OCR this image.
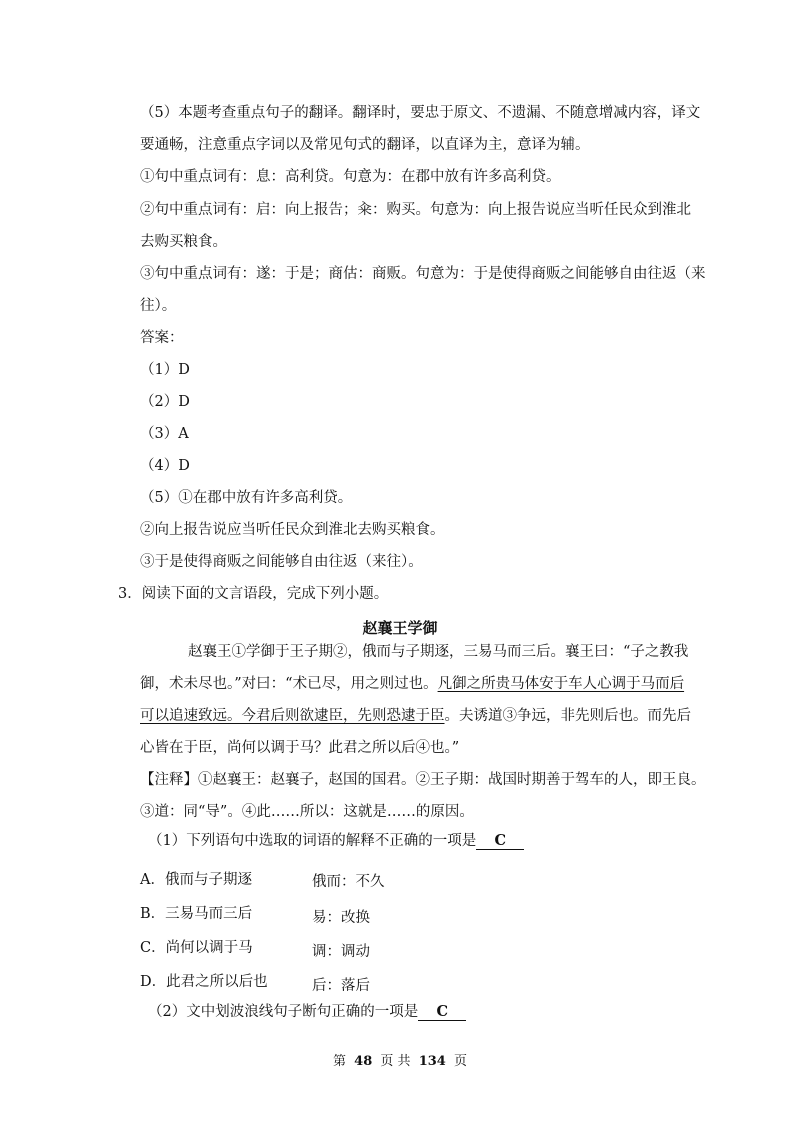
（5）本题考查重点句子的翻译。翻译时，要忠于原文、不遗漏、不随意增减内容，译文
要通畅，注意重点字词以及常见句式的翻译，以直译为主，意译为辅。
①句中重点词有：息：高利贷。句意为：在郡中放有许多高利贷。
②句中重点词有：启：向上报告；籴：购买。句意为：向上报告说应当听任民众到淮北
去购买粮食。
③句中重点词有：遂：于是；商估：商贩。句意为：于是使得商贩之间能够自由往返（来
往）。
答案：
（1）D
（2）D
（3）A
（4）D
（5）①在郡中放有许多高利贷。
②向上报告说应当听任民众到淮北去购买粮食。
③于是使得商贩之间能够自由往返（来往）。
3．阅读下面的文言语段，完成下列小题。
赵襄王学御
赵襄王①学御于王子期②，俄而与子期逐，三易马而三后。襄王曰：“子之教我
御，术未尽也。”对曰：“术已尽，用之则过也。凡御之所贵马体安于车人心调于马而后
可以追速致远。今君后则欲逮臣，先则恐逮于臣。夫诱道③争远，非先则后也。而先后
心皆在于臣，尚何以调于马？此君之所以后④也。”
【注释】①赵襄王：赵襄子，赵国的国君。②王子期：战国时期善于驾车的人，即王良。
③道：同“导”。④此……所以：这就是……的原因。
（1）下列语句中选取的词语的解释不正确的一项是 C
A．俄而与子期逐	俄而：不久
B．三易马而三后	易：改换
C．尚何以调于马	调：调动
D．此君之所以后也	后：落后
（2）文中划波浪线句子断句正确的一项是 C
第 48 页 共 134 页
